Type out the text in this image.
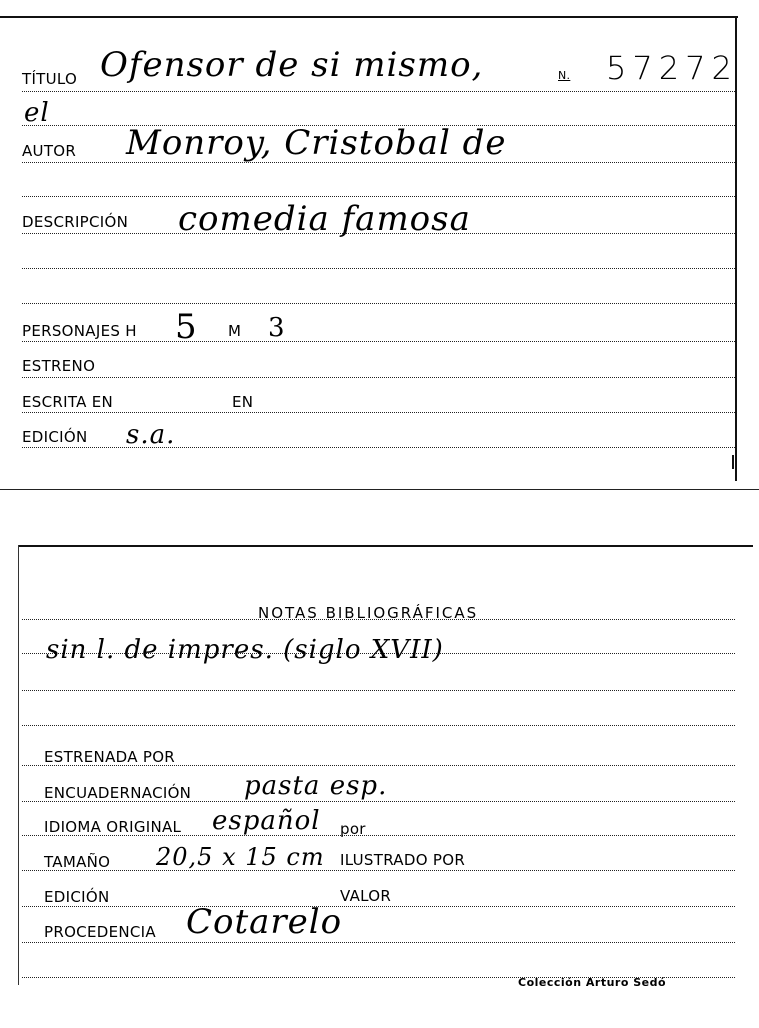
TÍTULO Ofensor de si mismo,	N. 57272
el
AUTOR Monroy, Cristobal de
DESCRIPCIÓN comedia famosa
PERSONAJES H 5 M 3
ESTRENO
ESCRITA EN	EN
EDICIÓN s.a.
NOTAS BIBLIOGRÁFICAS
sin l. de impres. (siglo XVII)
ESTRENADA POR
ENCUADERNACIÓN pasta esp.
IDIOMA ORIGINAL español por
TAMAÑO 20,5 x 15 cm ILUSTRADO POR
EDICIÓN	VALOR
PROCEDENCIA Cotarelo
Colección Arturo Sedó
